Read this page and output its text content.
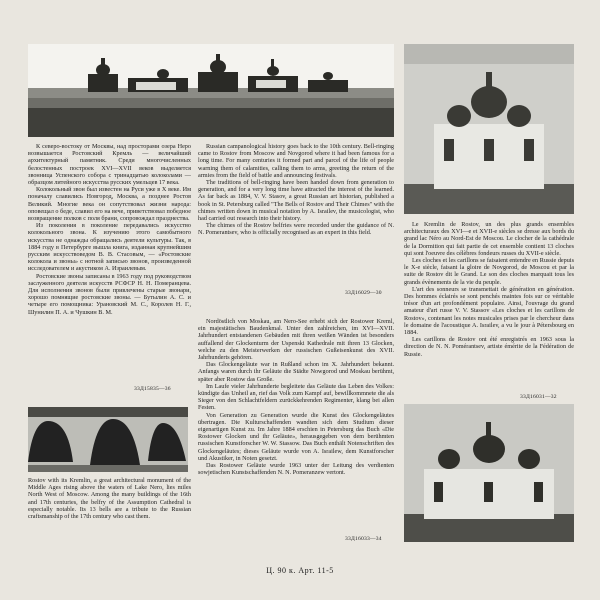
К северо-востоку от Москвы, над просторами озера Неро возвышается Ростовский Кремль — величайший архитектурный памятник. Среди многочисленных белостенных построек XVI—XVII веков выделяется звонница Успенского собора с тринадцатью колоколами — образцом литейного искусства русских умельцев 17 века.

Колокольный звон был известен на Руси уже в X веке. Им поначалу славились Новгород, Москва, а позднее Ростов Великий. Многие века он сопутствовал жизни народа: оповещал о беде, славил его на вече, приветствовал победное возвращение полков с поля брани, сопровождал празднества.

Из поколения в поколение передавались искусство колокольного звона. К изучению этого самобытного искусства не однажды обращались деятели культуры. Так, в 1884 году в Петербурге вышла книга, изданная крупнейшим русским искусствоведом В. В. Стасовым, — «Ростовские колокола и звоны» с нотной записью звонов, произведенной исследователем и акустиком А. Израилевым.

Ростовские звоны записаны в 1963 году под руководством заслуженного деятеля искусств РСФСР Н. Н. Померанцева. Для исполнения звонов были привлечены старые звонари, хорошо помнящие ростовские звоны. — Бутылин А. С. и четыре его помощника: Урановский М. С., Королев Н. Г., Шунилин П. А. и Чушкин В. М.

33Д15835—36

Russian campanological history goes back to the 10th century. Bell-ringing came to Rostov from Moscow and Novgorod where it had been famous for a long time. For many centuries it formed part and parcel of the life of people warning them of calamities, calling them to arms, greeting the return of the armies from the field of battle and announcing festivals.

The traditions of bell-ringing have been handed down from generation to generation, and for a very long time have attracted the interest of the learned. As far back as 1884, V. V. Stasov, a great Russian art historian, published a book in St. Petersburg called "The Bells of Rostov and Their Chimes" with the chimes written down in musical notation by A. Israilev, the musicologist, who had carried out research into their history.

The chimes of the Rostov belfries were recorded under the guidance of N. N. Pomerantsev, who is officially recognised as an expert in this field.

33Д16029—30

Nordöstlich von Moskau, am Nero-See erhebt sich der Rostower Kreml, ein majestätisches Baudenkmal. Unter den zahlreichen, im XVI—XVII. Jahrhundert entstandenen Gebäuden mit ihren weißen Wänden ist besonders auffallend der Glockenturm der Uspenski Kathedrale mit ihren 13 Glocken, welche zu den Meisterwerken der russischen Gußeisenkunst des XVII. Jahrhunderts gehören.

Das Glockengeläute war in Rußland schon im X. Jahrhundert bekannt. Anfangs waren durch ihr Geläute die Städte Nowgorod und Moskau berühmt, später aber Rostow das Große.

Im Laufe vieler Jahrhunderte begleitete das Geläute das Leben des Volkes: kündigte das Unheil an, rief das Volk zum Kampf auf, bewillkommnete die als Sieger von den Schlachtfeldern zurückkehrenden Regimenter, klang bei allen Festen.

Von Generation zu Generation wurde die Kunst des Glockengeläutes übertragen. Die Kulturschaffenden wandten sich dem Studium dieser eigenartigen Kunst zu. Im Jahre 1884 erschien in Petersburg das Buch «Die Rostower Glocken und ihr Geläute», herausgegeben von dem berühmten russischen Kunstforscher W. W. Stassow. Das Buch enthält Notenschriften des Glockengeläutes; dieses Geläute wurde von A. Israilew, dem Kunstforscher und Akustiker, in Noten gesetzt.

Das Rostower Geläute wurde 1963 unter der Leitung des verdienten sowjetischen Kunstschaffenden N. N. Pomeranzew vertont.

33Д16033—34

Le Kremlin de Rostov, un des plus grands ensembles architecturaux des XVI—e et XVII-e siècles se dresse aux bords du grand lac Néro au Nord-Est de Moscou. Le clocher de la cathédrale de la Dormition qui fait partie de cet ensemble contient 13 cloches qui sont l'oeuvre des célèbres fondeurs russes du XVII-e siècle.

Les cloches et les carillons se faisaient entendre en Russie depuis le X-e siècle, faisant la gloire de Novgorod, de Moscou et par la suite de Rostov dit le Grand. Le son des cloches marquait tous les grands évènements de la vie du peuple.

L'art des sonneurs se transmettait de génération en génération. Des hommes éclairés se sont penchés maintes fois sur ce véritable trésor d'un art profondément populaire. Ainsi, l'ouvrage du grand amateur d'art russe V. V. Stassov «Les cloches et les carillons de Rostov», contenant les notes musicales prises par le chercheur dans le domaine de l'acoustique A. Israilev, a vu le jour à Pétersbourg en 1884.

Les carillons de Rostov ont été enregistrés en 1963 sous la direction de N. N. Pomérantsev, artiste émérite de la Fédération de Russie.

33Д16031—32

Rostov with its Kremlin, a great architectural monument of the Middle Ages rising above the waters of Lake Nero, lies miles North West of Moscow. Among the many buildings of the 16th and 17th centuries, the belfry of the Assumption Cathedral is especially notable. Its 13 bells are a tribute to the Russian craftsmanship of the 17th century who cast them.

Ц. 90 к. Арт. 11-5
